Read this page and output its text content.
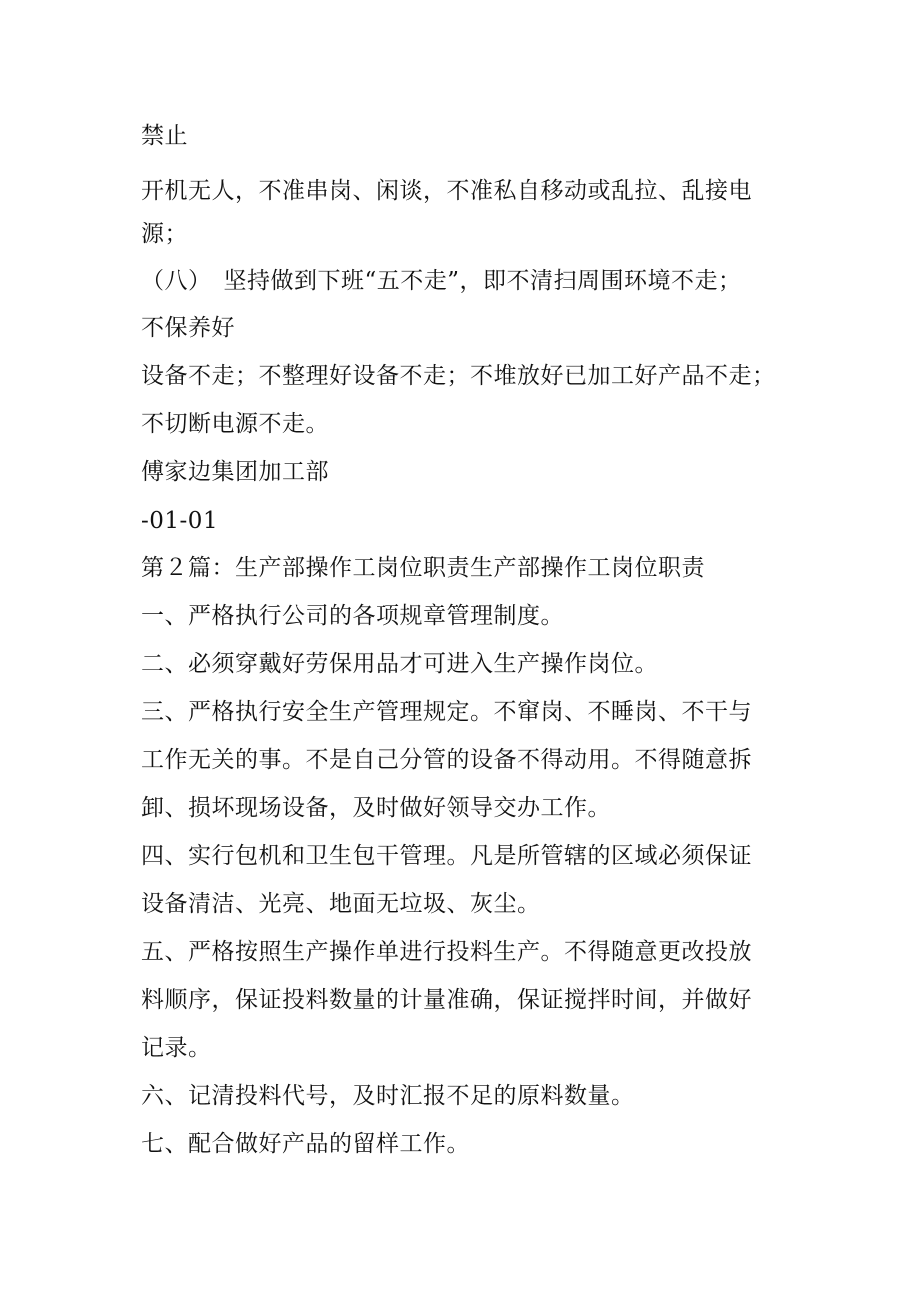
禁止

开机无人，不准串岗、闲谈，不准私自移动或乱拉、乱接电

源；

（八）　坚持做到下班“五不走”，即不清扫周围环境不走；

不保养好

设备不走；不整理好设备不走；不堆放好已加工好产品不走；

不切断电源不走。

傅家边集团加工部

-01-01

第２篇：生产部操作工岗位职责生产部操作工岗位职责

一、严格执行公司的各项规章管理制度。

二、必须穿戴好劳保用品才可进入生产操作岗位。

三、严格执行安全生产管理规定。不窜岗、不睡岗、不干与

工作无关的事。不是自己分管的设备不得动用。不得随意拆

卸、损坏现场设备，及时做好领导交办工作。

四、实行包机和卫生包干管理。凡是所管辖的区域必须保证

设备清洁、光亮、地面无垃圾、灰尘。

五、严格按照生产操作单进行投料生产。不得随意更改投放

料顺序，保证投料数量的计量准确，保证搅拌时间，并做好

记录。

六、记清投料代号，及时汇报不足的原料数量。

七、配合做好产品的留样工作。
